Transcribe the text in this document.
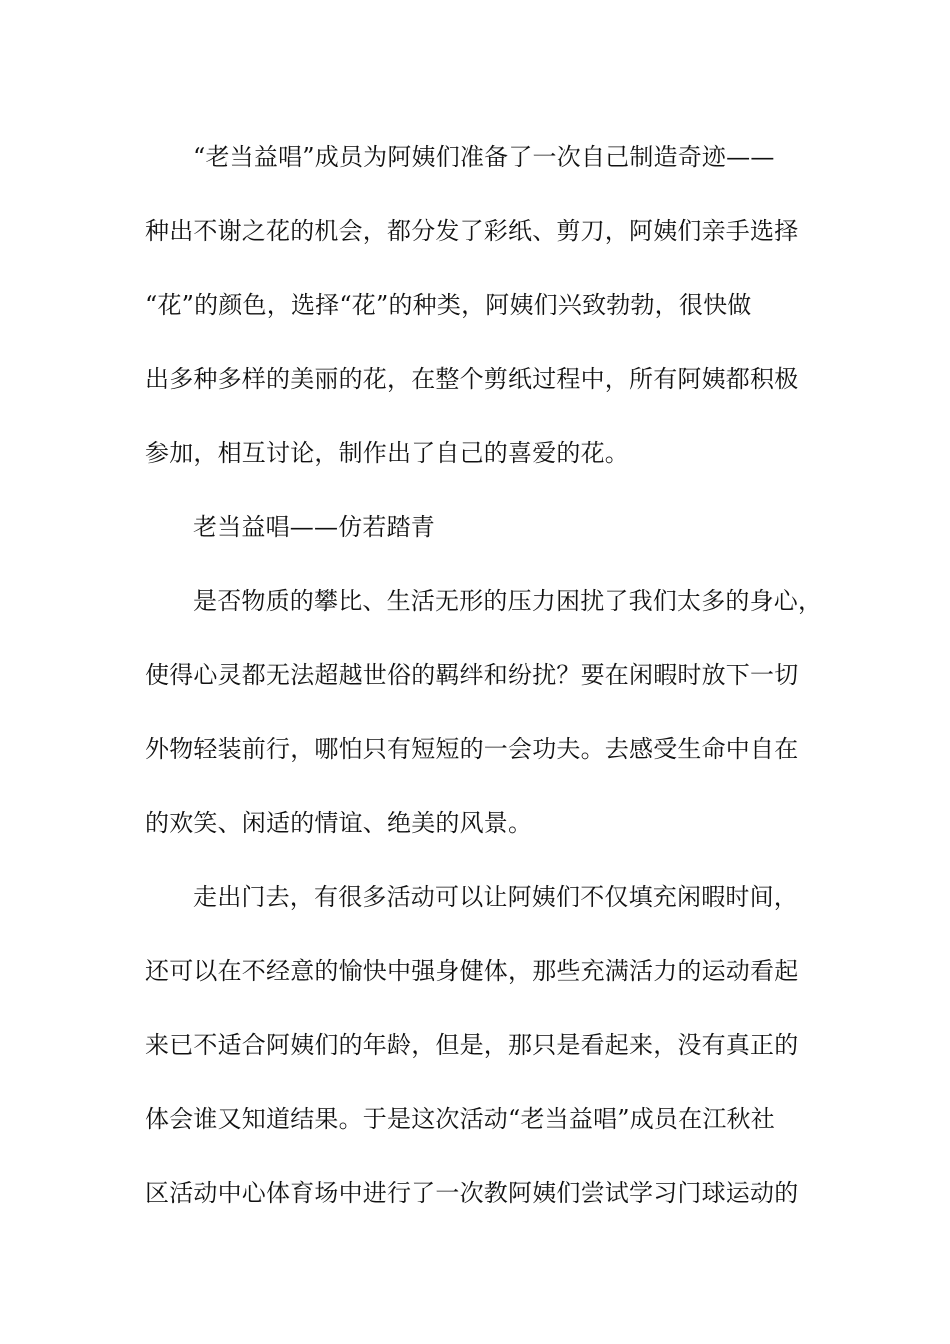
“老当益唱”成员为阿姨们准备了一次自己制造奇迹——
种出不谢之花的机会，都分发了彩纸、剪刀，阿姨们亲手选择
“花”的颜色，选择“花”的种类，阿姨们兴致勃勃，很快做
出多种多样的美丽的花，在整个剪纸过程中，所有阿姨都积极
参加，相互讨论，制作出了自己的喜爱的花。
老当益唱——仿若踏青
是否物质的攀比、生活无形的压力困扰了我们太多的身心，
使得心灵都无法超越世俗的羁绊和纷扰？要在闲暇时放下一切
外物轻装前行，哪怕只有短短的一会功夫。去感受生命中自在
的欢笑、闲适的情谊、绝美的风景。
走出门去，有很多活动可以让阿姨们不仅填充闲暇时间，
还可以在不经意的愉快中强身健体，那些充满活力的运动看起
来已不适合阿姨们的年龄，但是，那只是看起来，没有真正的
体会谁又知道结果。于是这次活动“老当益唱”成员在江秋社
区活动中心体育场中进行了一次教阿姨们尝试学习门球运动的
